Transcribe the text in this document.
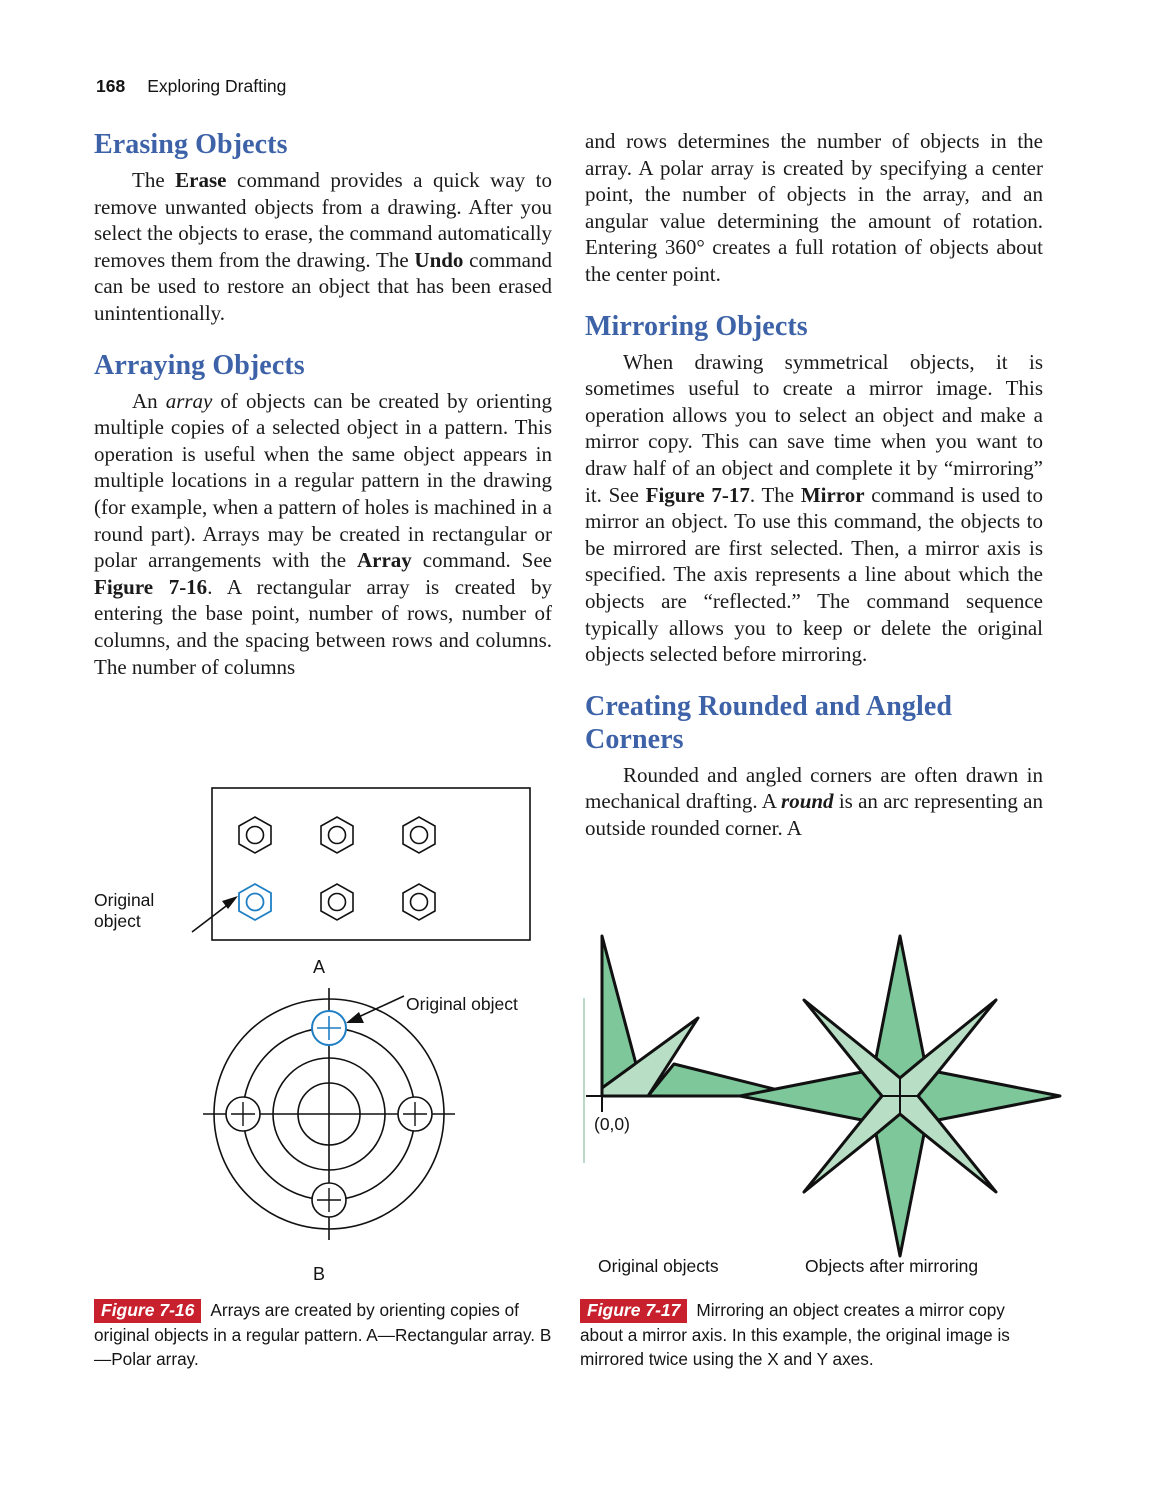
168 Exploring Drafting
Erasing Objects

The Erase command provides a quick way to remove unwanted objects from a drawing. After you select the objects to erase, the command automatically removes them from the drawing. The Undo command can be used to restore an object that has been erased unintentionally.

Arraying Objects

An array of objects can be created by orienting multiple copies of a selected object in a pattern. This operation is useful when the same object appears in multiple locations in a regular pattern in the drawing (for example, when a pattern of holes is machined in a round part). Arrays may be created in rectangular or polar arrangements with the Array command. See Figure 7-16. A rectangular array is created by entering the base point, number of rows, number of columns, and the spacing between rows and columns. The number of columns

and rows determines the number of objects in the array. A polar array is created by specifying a center point, the number of objects in the array, and an angular value determining the amount of rotation. Entering 360° creates a full rotation of objects about the center point.

Mirroring Objects

When drawing symmetrical objects, it is sometimes useful to create a mirror image. This operation allows you to select an object and make a mirror copy. This can save time when you want to draw half of an object and complete it by “mirroring” it. See Figure 7-17. The Mirror command is used to mirror an object. To use this command, the objects to be mirrored are first selected. Then, a mirror axis is specified. The axis represents a line about which the objects are “reflected.” The command sequence typically allows you to keep or delete the original objects selected before mirroring.

Creating Rounded and Angled Corners

Rounded and angled corners are often drawn in mechanical drafting. A round is an arc representing an outside rounded corner. A

Original
object
A
Original object
B
Figure 7-16 Arrays are created by orienting copies of original objects in a regular pattern. A—Rectangular array. B—Polar array.
(0,0)
Original objects	Objects after mirroring
Figure 7-17 Mirroring an object creates a mirror copy about a mirror axis. In this example, the original image is mirrored twice using the X and Y axes.
